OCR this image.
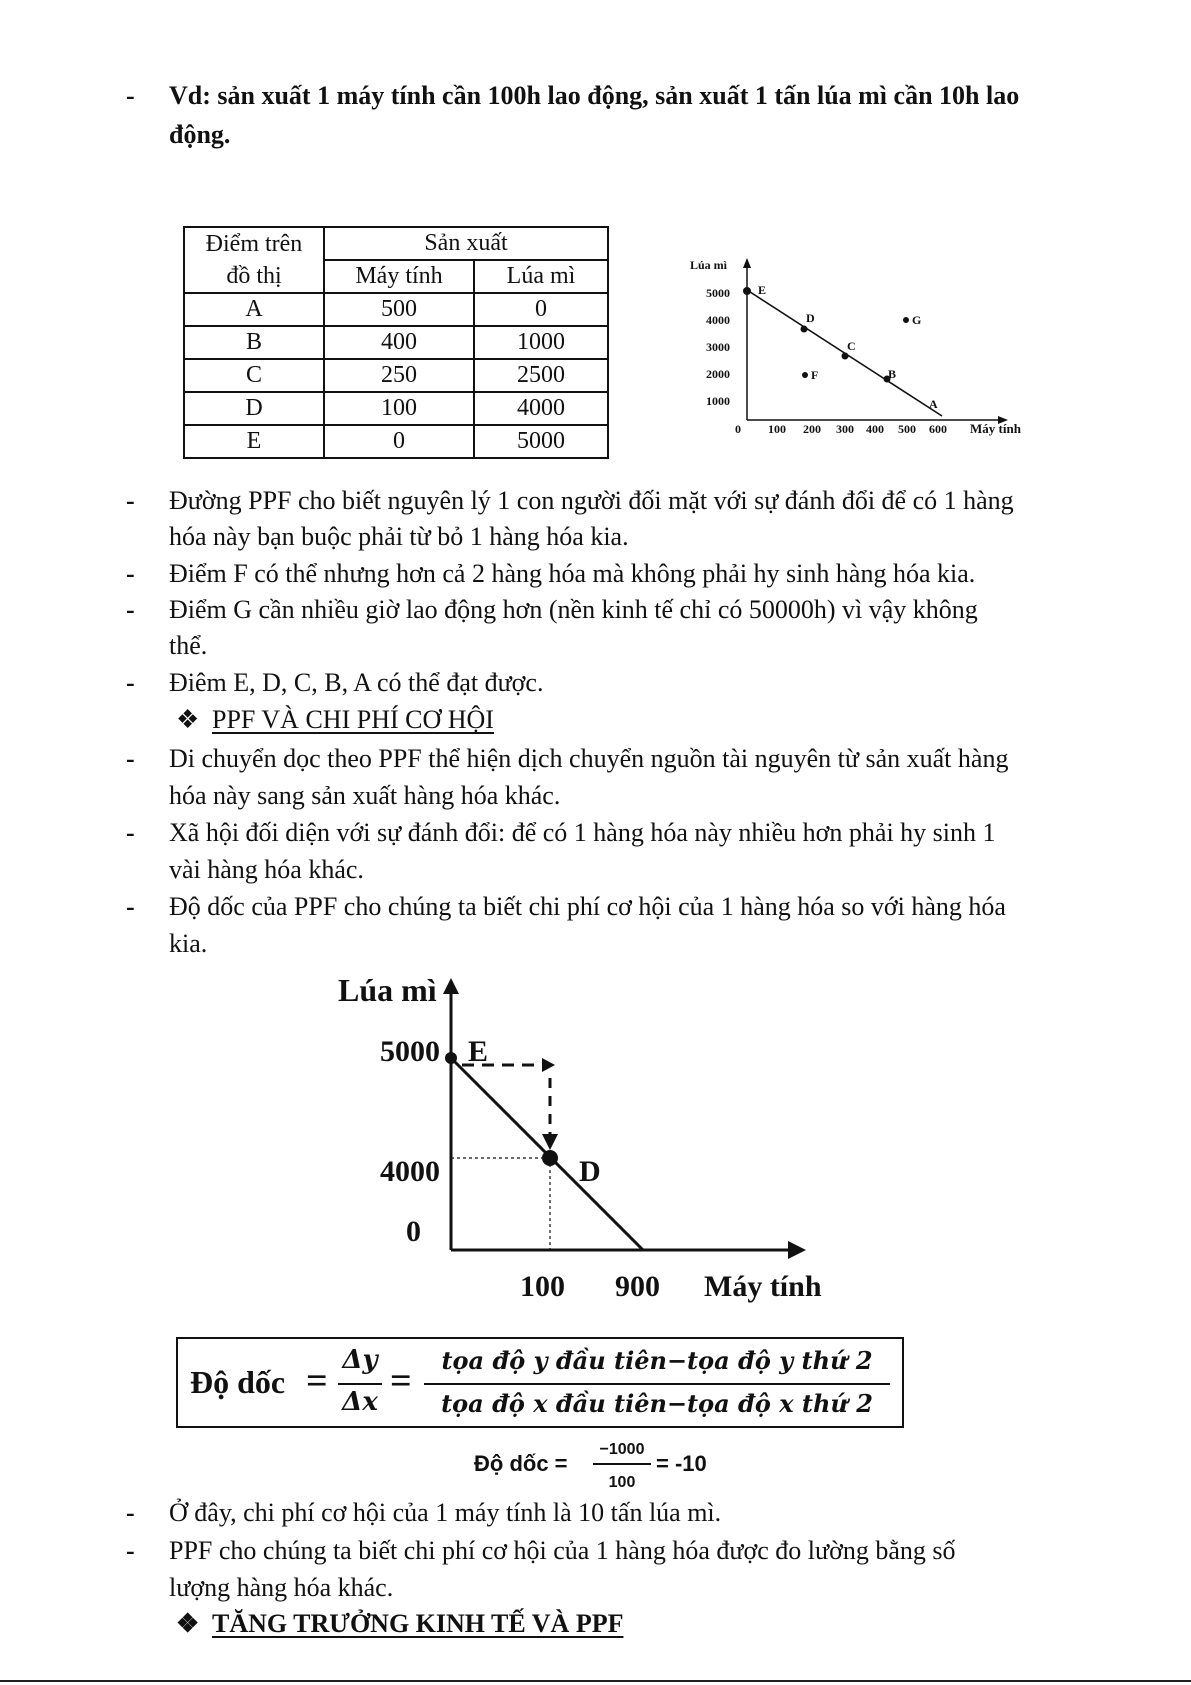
- Vd: sản xuất 1 máy tính cần 100h lao động, sản xuất 1 tấn lúa mì cần 10h lao
động.
Điểm trên
đồ thị	Sản xuất	
	Máy tính	Lúa mì
A	500	0
B	400	1000
C	250	2500
D	100	4000
E	0	5000
Lúa mì
Máy tính
0
5000
4000
3000
2000
1000
100 200 300 400 500 600
E
D
C
B
A
F
G
- Đường PPF cho biết nguyên lý 1 con người đối mặt với sự đánh đổi để có 1 hàng
hóa này bạn buộc phải từ bỏ 1 hàng hóa kia.
- Điểm F có thể nhưng hơn cả 2 hàng hóa mà không phải hy sinh hàng hóa kia.
- Điểm G cần nhiều giờ lao động hơn (nền kinh tế chỉ có 50000h) vì vậy không
thể.
- Điêm E, D, C, B, A có thể đạt được.
❖ PPF VÀ CHI PHÍ CƠ HỘI
- Di chuyển dọc theo PPF thể hiện dịch chuyển nguồn tài nguyên từ sản xuất hàng
hóa này sang sản xuất hàng hóa khác.
- Xã hội đối diện với sự đánh đổi: để có 1 hàng hóa này nhiều hơn phải hy sinh 1
vài hàng hóa khác.
- Độ dốc của PPF cho chúng ta biết chi phí cơ hội của 1 hàng hóa so với hàng hóa
kia.
Lúa mì
5000
4000
0
100 900 Máy tính
E
D
Độ dốc = Δy
Δx =	tọa độ y đầu tiên−tọa độ y thứ 2
tọa độ x đầu tiên−tọa độ x thứ 2
Độ dốc =
−1000
100
= -10
- Ở đây, chi phí cơ hội của 1 máy tính là 10 tấn lúa mì.
- PPF cho chúng ta biết chi phí cơ hội của 1 hàng hóa được đo lường bằng số
lượng hàng hóa khác.
❖ TĂNG TRƯỞNG KINH TẾ VÀ PPF
